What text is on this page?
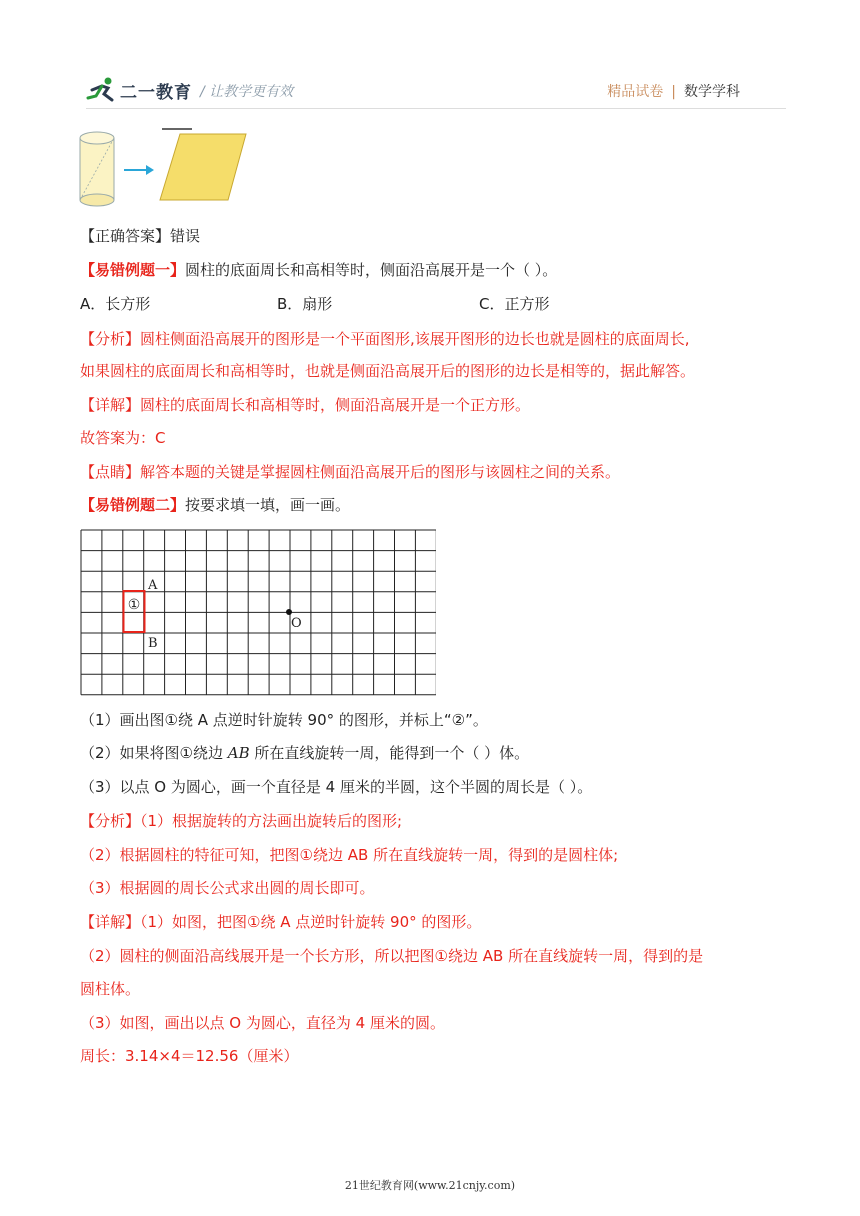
二一教育 / 让教学更有效	精品试卷 | 数学学科
【正确答案】错误
【易错例题一】圆柱的底面周长和高相等时，侧面沿高展开是一个（ ）。
A．长方形	B．扇形	C．正方形
【分析】圆柱侧面沿高展开的图形是一个平面图形,该展开图形的边长也就是圆柱的底面周长,
如果圆柱的底面周长和高相等时，也就是侧面沿高展开后的图形的边长是相等的，据此解答。
【详解】圆柱的底面周长和高相等时，侧面沿高展开是一个正方形。
故答案为：C
【点睛】解答本题的关键是掌握圆柱侧面沿高展开后的图形与该圆柱之间的关系。
【易错例题二】按要求填一填，画一画。
①
A
B
O
（1）画出图①绕 A 点逆时针旋转 90° 的图形，并标上“②”。
（2）如果将图①绕边 AB 所在直线旋转一周，能得到一个（ ）体。
（3）以点 O 为圆心，画一个直径是 4 厘米的半圆，这个半圆的周长是（ ）。
【分析】（1）根据旋转的方法画出旋转后的图形;
（2）根据圆柱的特征可知，把图①绕边 AB 所在直线旋转一周，得到的是圆柱体;
（3）根据圆的周长公式求出圆的周长即可。
【详解】（1）如图，把图①绕 A 点逆时针旋转 90° 的图形。
（2）圆柱的侧面沿高线展开是一个长方形，所以把图①绕边 AB 所在直线旋转一周，得到的是
圆柱体。
（3）如图，画出以点 O 为圆心，直径为 4 厘米的圆。
周长：3.14×4＝12.56（厘米）
21世纪教育网(www.21cnjy.com)
